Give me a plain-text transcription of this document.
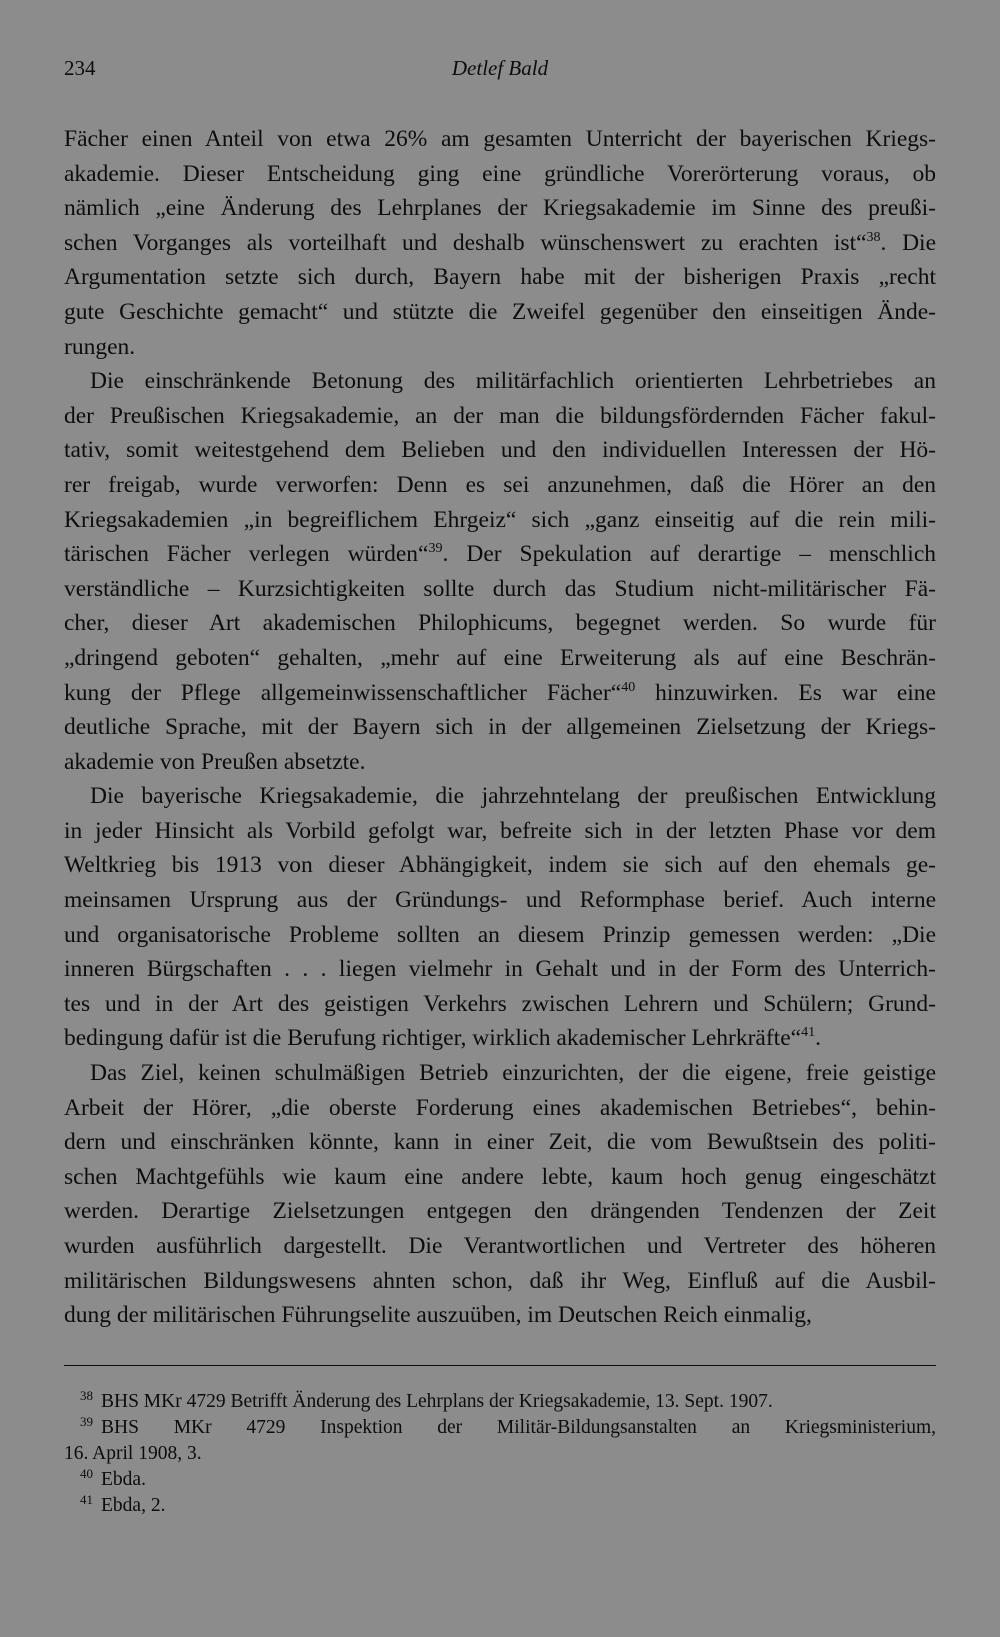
234	Detlef Bald
Fächer einen Anteil von etwa 26% am gesamten Unterricht der bayerischen Kriegs-
akademie. Dieser Entscheidung ging eine gründliche Vorerörterung voraus, ob
nämlich „eine Änderung des Lehrplanes der Kriegsakademie im Sinne des preußi-
schen Vorganges als vorteilhaft und deshalb wünschenswert zu erachten ist“$^{38}$. Die
Argumentation setzte sich durch, Bayern habe mit der bisherigen Praxis „recht
gute Geschichte gemacht“ und stützte die Zweifel gegenüber den einseitigen Ände-
rungen.
Die einschränkende Betonung des militärfachlich orientierten Lehrbetriebes an
der Preußischen Kriegsakademie, an der man die bildungsfördernden Fächer fakul-
tativ, somit weitestgehend dem Belieben und den individuellen Interessen der Hö-
rer freigab, wurde verworfen: Denn es sei anzunehmen, daß die Hörer an den
Kriegsakademien „in begreiflichem Ehrgeiz“ sich „ganz einseitig auf die rein mili-
tärischen Fächer verlegen würden“$^{39}$. Der Spekulation auf derartige – menschlich
verständliche – Kurzsichtigkeiten sollte durch das Studium nicht-militärischer Fä-
cher, dieser Art akademischen Philophicums, begegnet werden. So wurde für
„dringend geboten“ gehalten, „mehr auf eine Erweiterung als auf eine Beschrän-
kung der Pflege allgemeinwissenschaftlicher Fächer“$^{40}$ hinzuwirken. Es war eine
deutliche Sprache, mit der Bayern sich in der allgemeinen Zielsetzung der Kriegs-
akademie von Preußen absetzte.
Die bayerische Kriegsakademie, die jahrzehntelang der preußischen Entwicklung
in jeder Hinsicht als Vorbild gefolgt war, befreite sich in der letzten Phase vor dem
Weltkrieg bis 1913 von dieser Abhängigkeit, indem sie sich auf den ehemals ge-
meinsamen Ursprung aus der Gründungs- und Reformphase berief. Auch interne
und organisatorische Probleme sollten an diesem Prinzip gemessen werden: „Die
inneren Bürgschaften . . . liegen vielmehr in Gehalt und in der Form des Unterrich-
tes und in der Art des geistigen Verkehrs zwischen Lehrern und Schülern; Grund-
bedingung dafür ist die Berufung richtiger, wirklich akademischer Lehrkräfte“$^{41}$.
Das Ziel, keinen schulmäßigen Betrieb einzurichten, der die eigene, freie geistige
Arbeit der Hörer, „die oberste Forderung eines akademischen Betriebes“, behin-
dern und einschränken könnte, kann in einer Zeit, die vom Bewußtsein des politi-
schen Machtgefühls wie kaum eine andere lebte, kaum hoch genug eingeschätzt
werden. Derartige Zielsetzungen entgegen den drängenden Tendenzen der Zeit
wurden ausführlich dargestellt. Die Verantwortlichen und Vertreter des höheren
militärischen Bildungswesens ahnten schon, daß ihr Weg, Einfluß auf die Ausbil-
dung der militärischen Führungselite auszuüben, im Deutschen Reich einmalig,
$^{38}$ BHS MKr 4729 Betrifft Änderung des Lehrplans der Kriegsakademie, 13. Sept. 1907.
$^{39}$ BHS MKr 4729 Inspektion der Militär-Bildungsanstalten an Kriegsministerium,
16. April 1908, 3.
$^{40}$ Ebda.
$^{41}$ Ebda, 2.
